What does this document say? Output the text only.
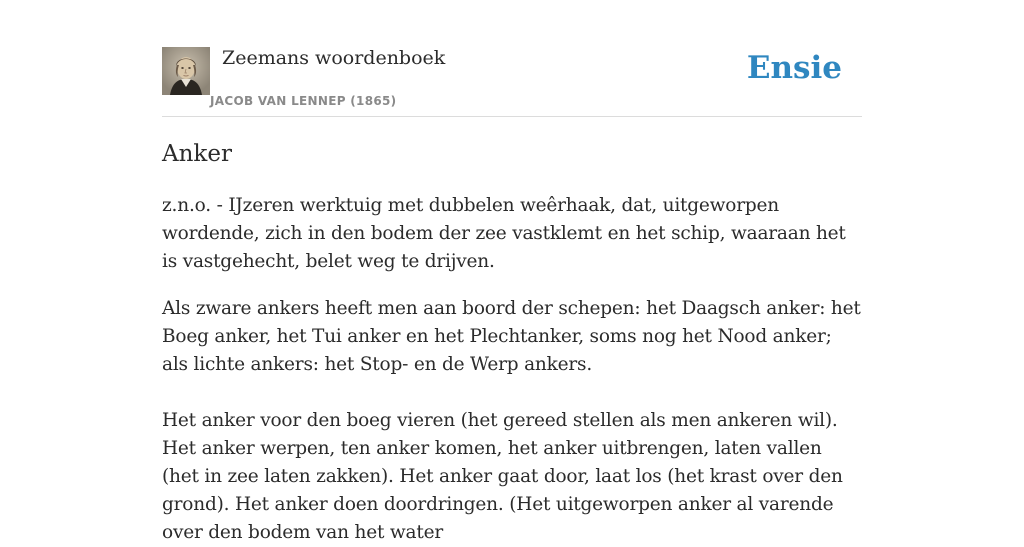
Zeemans woordenboek
JACOB VAN LENNEP (1865)
Ensie
Anker

z.n.o. - IJzeren werktuig met dubbelen weêrhaak, dat, uitgeworpen wordende, zich in den bodem der zee vastklemt en het schip, waaraan het is vastgehecht, belet weg te drijven.

Als zware ankers heeft men aan boord der schepen: het Daagsch anker: het Boeg anker, het Tui anker en het Plechtanker, soms nog het Nood anker; als lichte ankers: het Stop- en de Werp ankers.

Het anker voor den boeg vieren (het gereed stellen als men ankeren wil). Het anker werpen, ten anker komen, het anker uitbrengen, laten vallen (het in zee laten zakken). Het anker gaat door, laat los (het krast over den grond). Het anker doen doordringen. (Het uitgeworpen anker al varende over den bodem van het water
